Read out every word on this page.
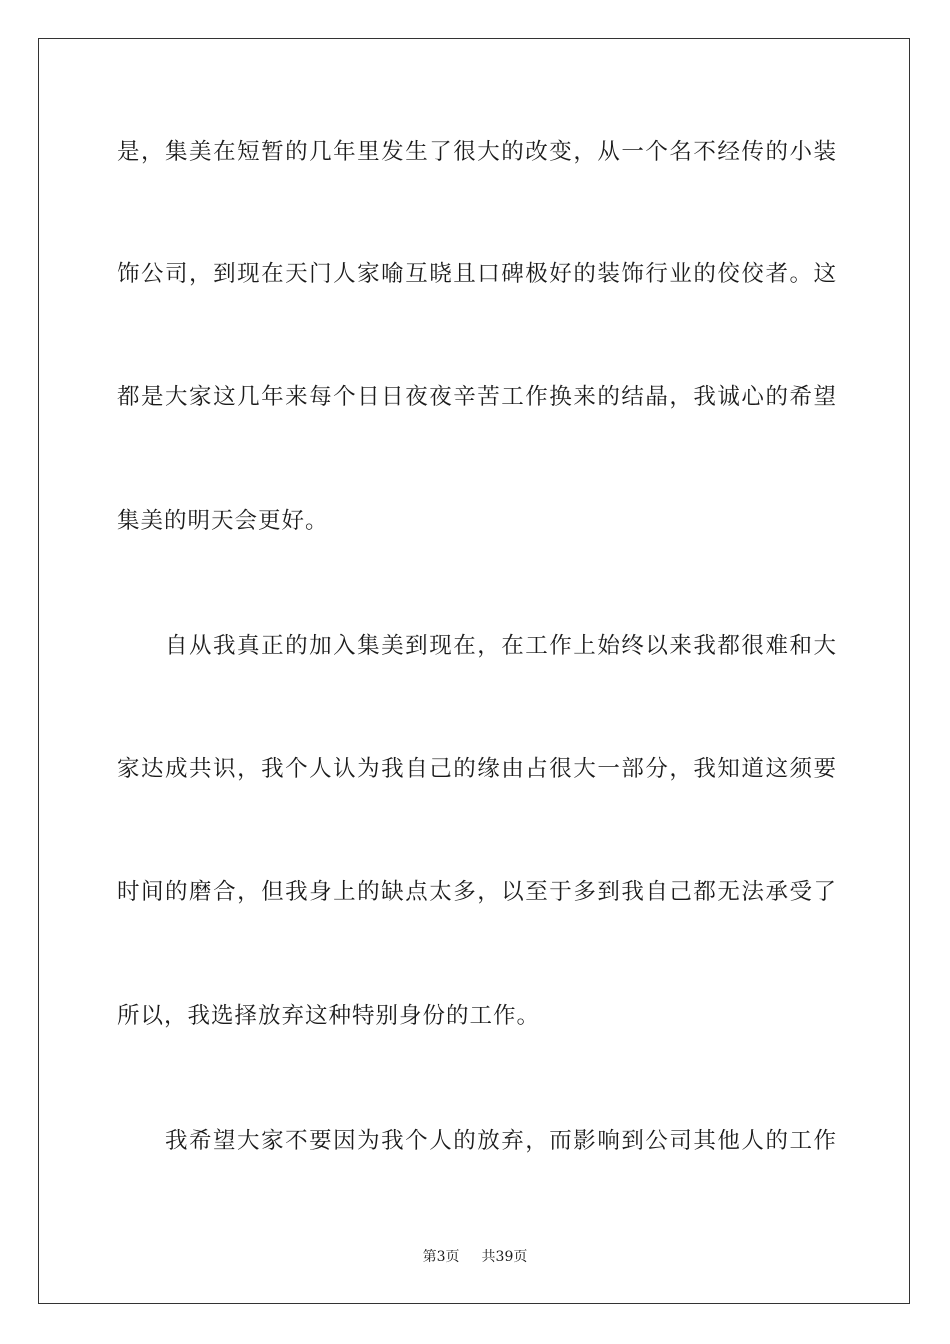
是，集美在短暂的几年里发生了很大的改变，从一个名不经传的小装
饰公司，到现在天门人家喻互晓且口碑极好的装饰行业的佼佼者。这
都是大家这几年来每个日日夜夜辛苦工作换来的结晶，我诚心的希望
集美的明天会更好。
自从我真正的加入集美到现在，在工作上始终以来我都很难和大
家达成共识，我个人认为我自己的缘由占很大一部分，我知道这须要
时间的磨合，但我身上的缺点太多，以至于多到我自己都无法承受了
所以，我选择放弃这种特别身份的工作。
我希望大家不要因为我个人的放弃，而影响到公司其他人的工作
第3页 共39页
